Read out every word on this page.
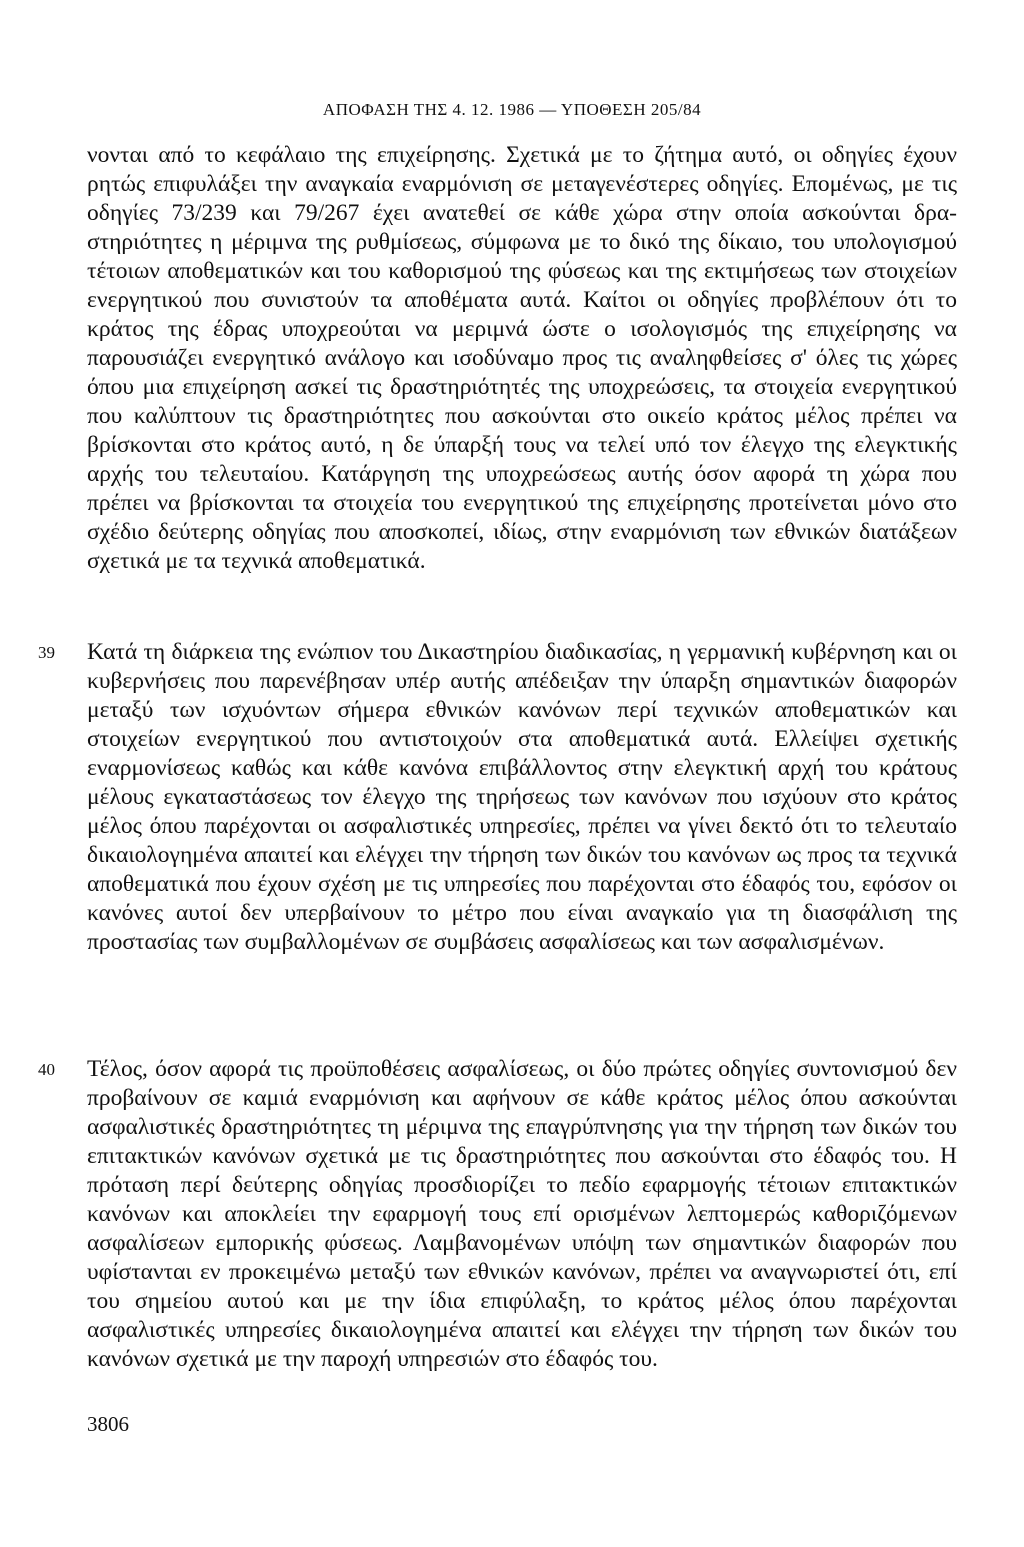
ΑΠΟΦΑΣΗ ΤΗΣ 4. 12. 1986 — ΥΠΟΘΕΣΗ 205/84

νονται από το κεφάλαιο της επιχείρησης. Σχετικά με το ζήτημα αυτό, οι οδηγίες έχουν ρητώς επιφυλάξει την αναγκαία εναρμόνιση σε μεταγενέστερες οδηγίες. Επομένως, με τις οδηγίες 73/239 και 79/267 έχει ανατεθεί σε κάθε χώρα στην οποία ασκούνται δραστηριότητες η μέριμνα της ρυθμίσεως, σύμφωνα με το δικό της δίκαιο, του υπολογισμού τέτοιων αποθεματικών και του καθορισμού της φύσεως και της εκτιμήσεως των στοιχείων ενεργητικού που συνιστούν τα αποθέματα αυτά. Καίτοι οι οδηγίες προβλέπουν ότι το κράτος της έδρας υποχρεούται να μεριμνά ώστε ο ισολογισμός της επιχείρησης να παρουσιάζει ενεργητικό ανάλογο και ισοδύναμο προς τις αναληφθείσες σ' όλες τις χώρες όπου μια επιχείρηση ασκεί τις δραστηριότητές της υποχρεώσεις, τα στοιχεία ενεργητικού που καλύπτουν τις δραστηριότητες που ασκούνται στο οικείο κράτος μέλος πρέπει να βρίσκονται στο κράτος αυτό, η δε ύπαρξή τους να τελεί υπό τον έλεγχο της ελεγκτικής αρχής του τελευταίου. Κατάργηση της υποχρεώσεως αυτής όσον αφορά τη χώρα που πρέπει να βρίσκονται τα στοιχεία του ενεργητικού της επιχείρησης προτείνεται μόνο στο σχέδιο δεύτερης οδηγίας που αποσκοπεί, ιδίως, στην εναρμόνιση των εθνικών διατάξεων σχετικά με τα τεχνικά αποθεματικά.

39 Κατά τη διάρκεια της ενώπιον του Δικαστηρίου διαδικασίας, η γερμανική κυβέρνηση και οι κυβερνήσεις που παρενέβησαν υπέρ αυτής απέδειξαν την ύπαρξη σημαντικών διαφορών μεταξύ των ισχυόντων σήμερα εθνικών κανόνων περί τεχνικών αποθεματικών και στοιχείων ενεργητικού που αντιστοιχούν στα αποθεματικά αυτά. Ελλείψει σχετικής εναρμονίσεως καθώς και κάθε κανόνα επιβάλλοντος στην ελεγκτική αρχή του κράτους μέλους εγκαταστάσεως τον έλεγχο της τηρήσεως των κανόνων που ισχύουν στο κράτος μέλος όπου παρέχονται οι ασφαλιστικές υπηρεσίες, πρέπει να γίνει δεκτό ότι το τελευταίο δικαιολογημένα απαιτεί και ελέγχει την τήρηση των δικών του κανόνων ως προς τα τεχνικά αποθεματικά που έχουν σχέση με τις υπηρεσίες που παρέχονται στο έδαφός του, εφόσον οι κανόνες αυτοί δεν υπερβαίνουν το μέτρο που είναι αναγκαίο για τη διασφάλιση της προστασίας των συμβαλλομένων σε συμβάσεις ασφαλίσεως και των ασφαλισμένων.

40 Τέλος, όσον αφορά τις προϋποθέσεις ασφαλίσεως, οι δύο πρώτες οδηγίες συντονισμού δεν προβαίνουν σε καμιά εναρμόνιση και αφήνουν σε κάθε κράτος μέλος όπου ασκούνται ασφαλιστικές δραστηριότητες τη μέριμνα της επαγρύπνησης για την τήρηση των δικών του επιτακτικών κανόνων σχετικά με τις δραστηριότητες που ασκούνται στο έδαφός του. Η πρόταση περί δεύτερης οδηγίας προσδιορίζει το πεδίο εφαρμογής τέτοιων επιτακτικών κανόνων και αποκλείει την εφαρμογή τους επί ορισμένων λεπτομερώς καθοριζόμενων ασφαλίσεων εμπορικής φύσεως. Λαμβανομένων υπόψη των σημαντικών διαφορών που υφίστανται εν προκειμένω μεταξύ των εθνικών κανόνων, πρέπει να αναγνωριστεί ότι, επί του σημείου αυτού και με την ίδια επιφύλαξη, το κράτος μέλος όπου παρέχονται ασφαλιστικές υπηρεσίες δικαιολογημένα απαιτεί και ελέγχει την τήρηση των δικών του κανόνων σχετικά με την παροχή υπηρεσιών στο έδαφός του.

3806
